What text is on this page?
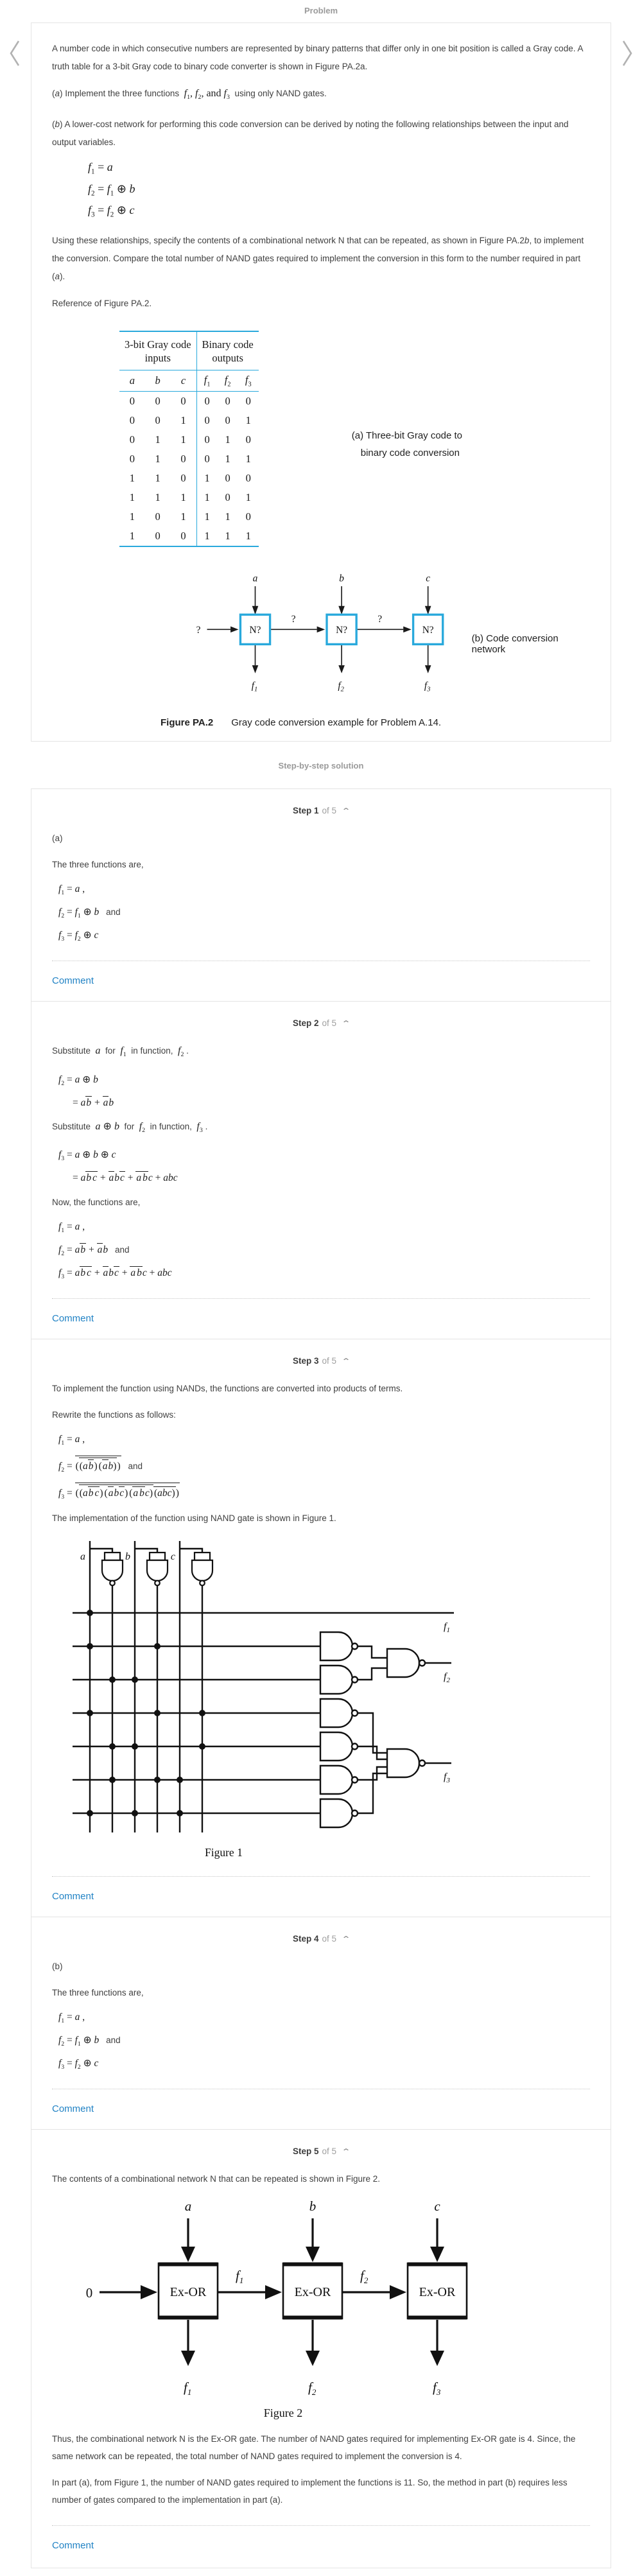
Problem

A number code in which consecutive numbers are represented by binary patterns that differ only in one bit position is called a Gray code. A truth table for a 3-bit Gray code to binary code converter is shown in Figure PA.2a.

(a) Implement the three functions  $f_1$, $f_2$, and $f_3$  using only NAND gates.

(b) A lower-cost network for performing this code conversion can be derived by noting the following relationships between the input and output variables.

$f_1 = a$
$f_2 = f_1$ ⊕ b
$f_3 = f_2$ ⊕ c

Using these relationships, specify the contents of a combinational network N that can be repeated, as shown in Figure PA.2b, to implement the conversion. Compare the total number of NAND gates required to implement the conversion in this form to the number required in part (a).

Reference of Figure PA.2.

3-bit Gray code
inputs			Binary code
outputs		
a	b	c	$f_1$	$f_2$	$f_3$
0	0	0	0	0	0
0	0	1	0	0	1
0	1	1	0	1	0
0	1	0	0	1	1
1	1	0	1	0	0
1	1	1	1	0	1
1	0	1	1	1	0
1	0	0	1	1	1
(a) Three-bit Gray code to
binary code conversion
a	b	c
?
?	?
N?	N?	N?
$f_1$	$f_2$	$f_3$
(b) Code conversion network
Figure PA.2 Gray code conversion example for Problem A.14.
Step-by-step solution
Step 1 of 5 ⌃

(a)

The three functions are,

$f_1 = a$ ,
$f_2 = f_1$ ⊕ b and
$f_3 = f_2$ ⊕ c
Comment
Step 2 of 5 ⌃

Substitute  a  for  $f_1$  in function,  $f_2$ .

$f_2 = a$ ⊕ b
= ab + ab

Substitute  a ⊕ b  for  $f_2$  in function,  $f_3$ .

$f_3 = a$ ⊕ b ⊕ c
= ab c + abc + a bc + abc

Now, the functions are,

$f_1 = a$ ,
$f_2$ = ab + ab and
$f_3$ = ab c + abc + a bc + abc
Comment
Step 3 of 5 ⌃

To implement the function using NANDs, the functions are converted into products of terms.

Rewrite the functions as follows:

$f_1 = a$ ,
$f_2 = ((ab)$ (ab)) and
$f_3 = ((ab$ c) (abc) (a bc) (abc))

The implementation of the function using NAND gate is shown in Figure 1.

a	b	c
$f_1$
$f_2$
$f_3$
Figure 1
Comment
Step 4 of 5 ⌃

(b)

The three functions are,

$f_1 = a$ ,
$f_2 = f_1$ ⊕ b and
$f_3 = f_2$ ⊕ c
Comment
Step 5 of 5 ⌃

The contents of a combinational network N that can be repeated is shown in Figure 2.

a	b	c
0	Ex-OR	Ex-OR	Ex-OR
$f_1$	$f_2$
$f_1$	$f_2$	$f_3$
Figure 2

Thus, the combinational network N is the Ex-OR gate. The number of NAND gates required for implementing Ex-OR gate is 4. Since, the same network can be repeated, the total number of NAND gates required to implement the conversion is 4.

In part (a), from Figure 1, the number of NAND gates required to implement the functions is 11. So, the method in part (b) requires less number of gates compared to the implementation in part (a).

Comment
